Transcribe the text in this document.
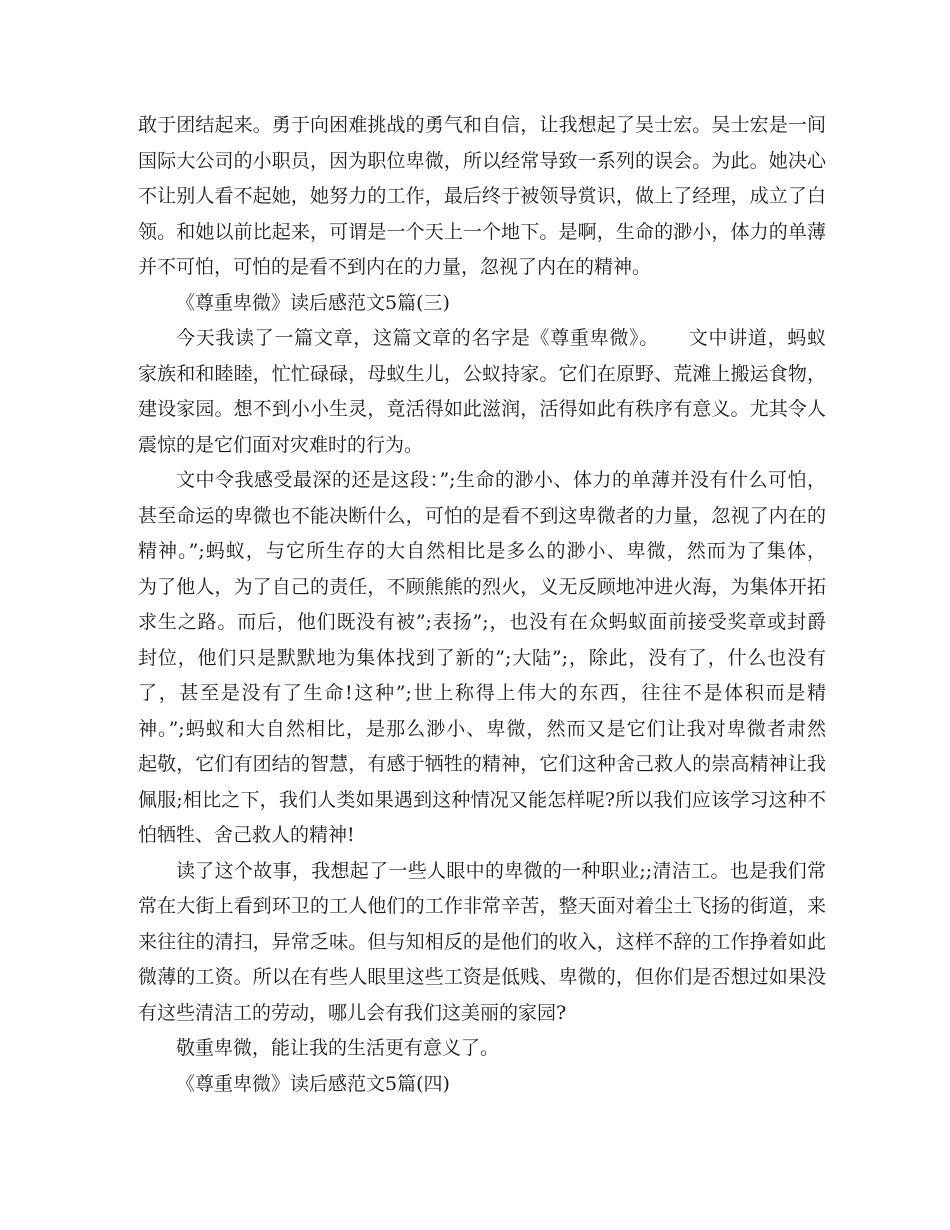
敢于团结起来。勇于向困难挑战的勇气和自信，让我想起了吴士宏。吴士宏是一间
国际大公司的小职员，因为职位卑微，所以经常导致一系列的误会。为此。她决心
不让别人看不起她，她努力的工作，最后终于被领导赏识，做上了经理，成立了白
领。和她以前比起来，可谓是一个天上一个地下。是啊，生命的渺小，体力的单薄
并不可怕，可怕的是看不到内在的力量，忽视了内在的精神。
《尊重卑微》读后感范文5篇(三)
今天我读了一篇文章，这篇文章的名字是《尊重卑微》。　　文中讲道，蚂蚁
家族和和睦睦，忙忙碌碌，母蚁生儿，公蚁持家。它们在原野、荒滩上搬运食物，
建设家园。想不到小小生灵，竟活得如此滋润，活得如此有秩序有意义。尤其令人
震惊的是它们面对灾难时的行为。
文中令我感受最深的还是这段：”;生命的渺小、体力的单薄并没有什么可怕，
甚至命运的卑微也不能决断什么，可怕的是看不到这卑微者的力量，忽视了内在的
精神。”;蚂蚁，与它所生存的大自然相比是多么的渺小、卑微，然而为了集体，
为了他人，为了自己的责任，不顾熊熊的烈火，义无反顾地冲进火海，为集体开拓
求生之路。而后，他们既没有被”;表扬”;，也没有在众蚂蚁面前接受奖章或封爵
封位，他们只是默默地为集体找到了新的”;大陆”;，除此，没有了，什么也没有
了，甚至是没有了生命!这种”;世上称得上伟大的东西，往往不是体积而是精
神。”;蚂蚁和大自然相比，是那么渺小、卑微，然而又是它们让我对卑微者肃然
起敬，它们有团结的智慧，有感于牺牲的精神，它们这种舍己救人的崇高精神让我
佩服;相比之下，我们人类如果遇到这种情况又能怎样呢?所以我们应该学习这种不
怕牺牲、舍己救人的精神!
读了这个故事，我想起了一些人眼中的卑微的一种职业;;清洁工。也是我们常
常在大街上看到环卫的工人他们的工作非常辛苦，整天面对着尘土飞扬的街道，来
来往往的清扫，异常乏味。但与知相反的是他们的收入，这样不辞的工作挣着如此
微薄的工资。所以在有些人眼里这些工资是低贱、卑微的，但你们是否想过如果没
有这些清洁工的劳动，哪儿会有我们这美丽的家园?
敬重卑微，能让我的生活更有意义了。
《尊重卑微》读后感范文5篇(四)
